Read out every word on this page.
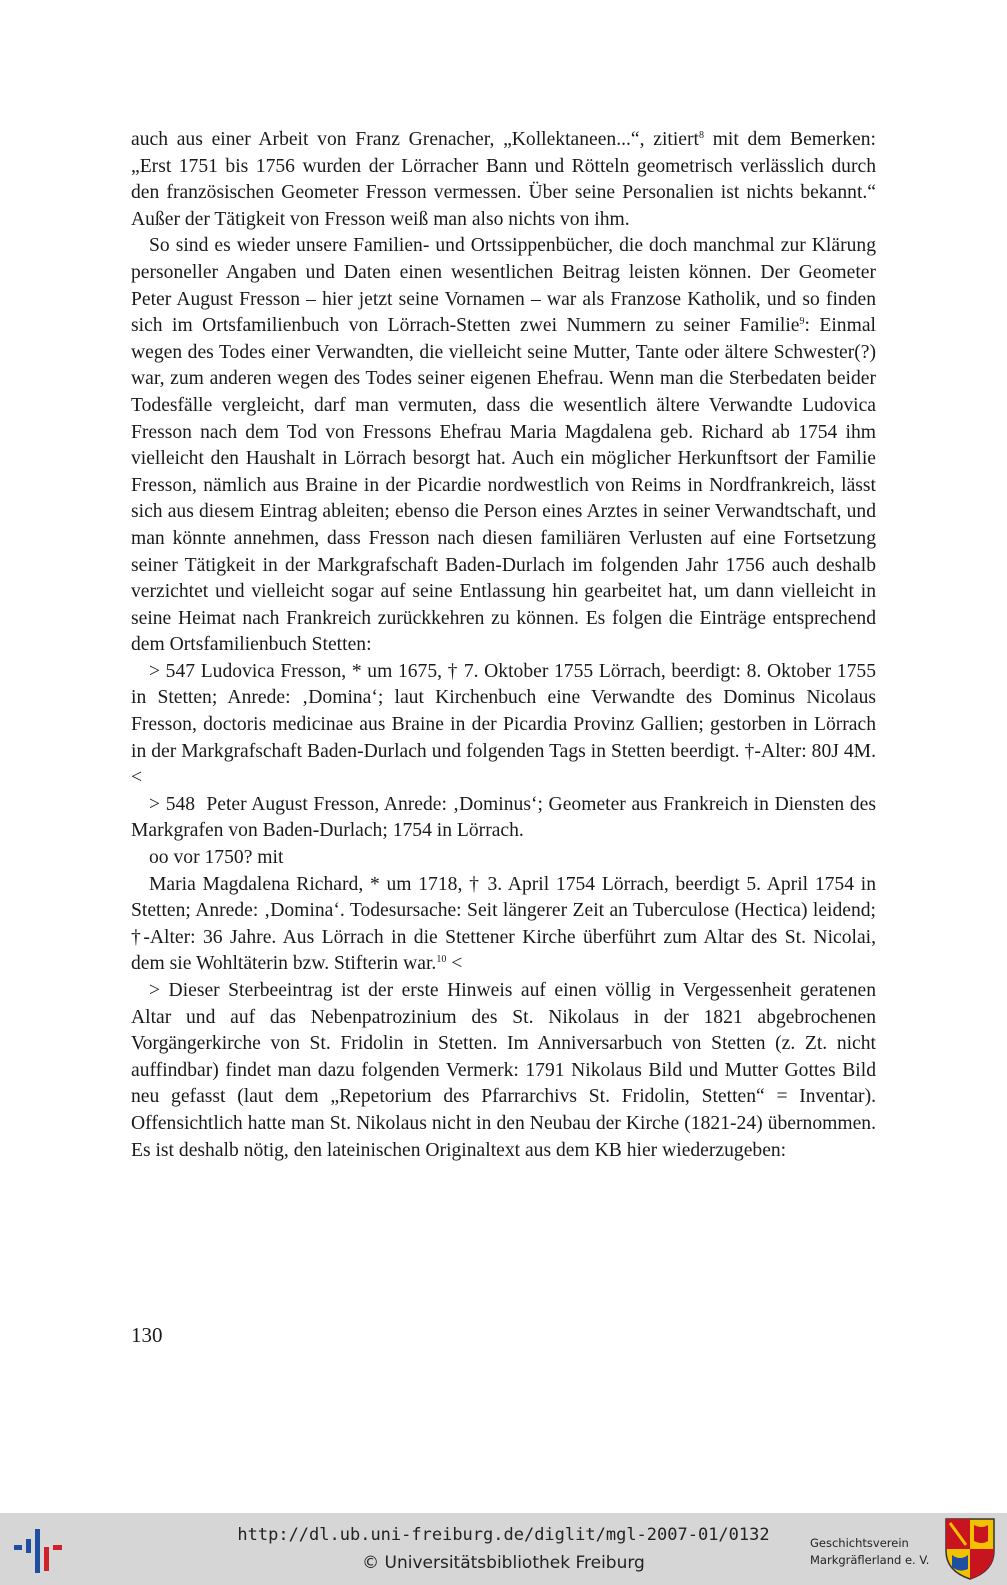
auch aus einer Arbeit von Franz Grenacher, „Kollektaneen...“, zitiert$^8$ mit dem Bemerken: „Erst 1751 bis 1756 wurden der Lörracher Bann und Rötteln geometrisch verlässlich durch den französischen Geometer Fresson vermessen. Über seine Personalien ist nichts bekannt.“ Außer der Tätigkeit von Fresson weiß man also nichts von ihm.

So sind es wieder unsere Familien- und Ortssippenbücher, die doch manchmal zur Klärung personeller Angaben und Daten einen wesentlichen Beitrag leisten können. Der Geometer Peter August Fresson – hier jetzt seine Vornamen – war als Franzose Katholik, und so finden sich im Ortsfamilienbuch von Lörrach-Stetten zwei Nummern zu seiner Familie$^9$: Einmal wegen des Todes einer Verwandten, die vielleicht seine Mutter, Tante oder ältere Schwester(?) war, zum anderen wegen des Todes seiner eigenen Ehefrau. Wenn man die Sterbedaten beider Todesfälle vergleicht, darf man vermuten, dass die wesentlich ältere Verwandte Ludovica Fresson nach dem Tod von Fressons Ehefrau Maria Magdalena geb. Richard ab 1754 ihm vielleicht den Haushalt in Lörrach besorgt hat. Auch ein möglicher Herkunftsort der Familie Fresson, nämlich aus Braine in der Picardie nordwestlich von Reims in Nordfrankreich, lässt sich aus diesem Eintrag ableiten; ebenso die Person eines Arztes in seiner Verwandtschaft, und man könnte annehmen, dass Fresson nach diesen familiären Verlusten auf eine Fortsetzung seiner Tätigkeit in der Markgrafschaft Baden-Durlach im folgenden Jahr 1756 auch deshalb verzichtet und vielleicht sogar auf seine Entlassung hin gearbeitet hat, um dann vielleicht in seine Heimat nach Frankreich zurückkehren zu können. Es folgen die Einträge entsprechend dem Ortsfamilienbuch Stetten:

> 547 Ludovica Fresson, * um 1675, † 7. Oktober 1755 Lörrach, beerdigt: 8. Oktober 1755 in Stetten; Anrede: ‚Domina‘; laut Kirchenbuch eine Verwandte des Dominus Nicolaus Fresson, doctoris medicinae aus Braine in der Picardia Provinz Gallien; gestorben in Lörrach in der Markgrafschaft Baden-Durlach und folgenden Tags in Stetten beerdigt. †-Alter: 80J 4M. <

> 548  Peter August Fresson, Anrede: ‚Dominus‘; Geometer aus Frankreich in Diensten des Markgrafen von Baden-Durlach; 1754 in Lörrach.

oo vor 1750? mit

Maria Magdalena Richard, * um 1718, † 3. April 1754 Lörrach, beerdigt 5. April 1754 in Stetten; Anrede: ‚Domina‘. Todesursache: Seit längerer Zeit an Tuberculose (Hectica) leidend; †-Alter: 36 Jahre. Aus Lörrach in die Stettener Kirche überführt zum Altar des St. Nicolai, dem sie Wohltäterin bzw. Stifterin war.$^{10}$ <

> Dieser Sterbeeintrag ist der erste Hinweis auf einen völlig in Vergessenheit geratenen Altar und auf das Nebenpatrozinium des St. Nikolaus in der 1821 abgebrochenen Vorgängerkirche von St. Fridolin in Stetten. Im Anniversarbuch von Stetten (z. Zt. nicht auffindbar) findet man dazu folgenden Vermerk: 1791 Nikolaus Bild und Mutter Gottes Bild neu gefasst (laut dem „Repetorium des Pfarrarchivs St. Fridolin, Stetten“ = Inventar). Offensichtlich hatte man St. Nikolaus nicht in den Neubau der Kirche (1821-24) übernommen. Es ist deshalb nötig, den lateinischen Originaltext aus dem KB hier wiederzugeben:

130
http://dl.ub.uni-freiburg.de/diglit/mgl-2007-01/0132
© Universitätsbibliothek Freiburg
Geschichtsverein
Markgräflerland e. V.
